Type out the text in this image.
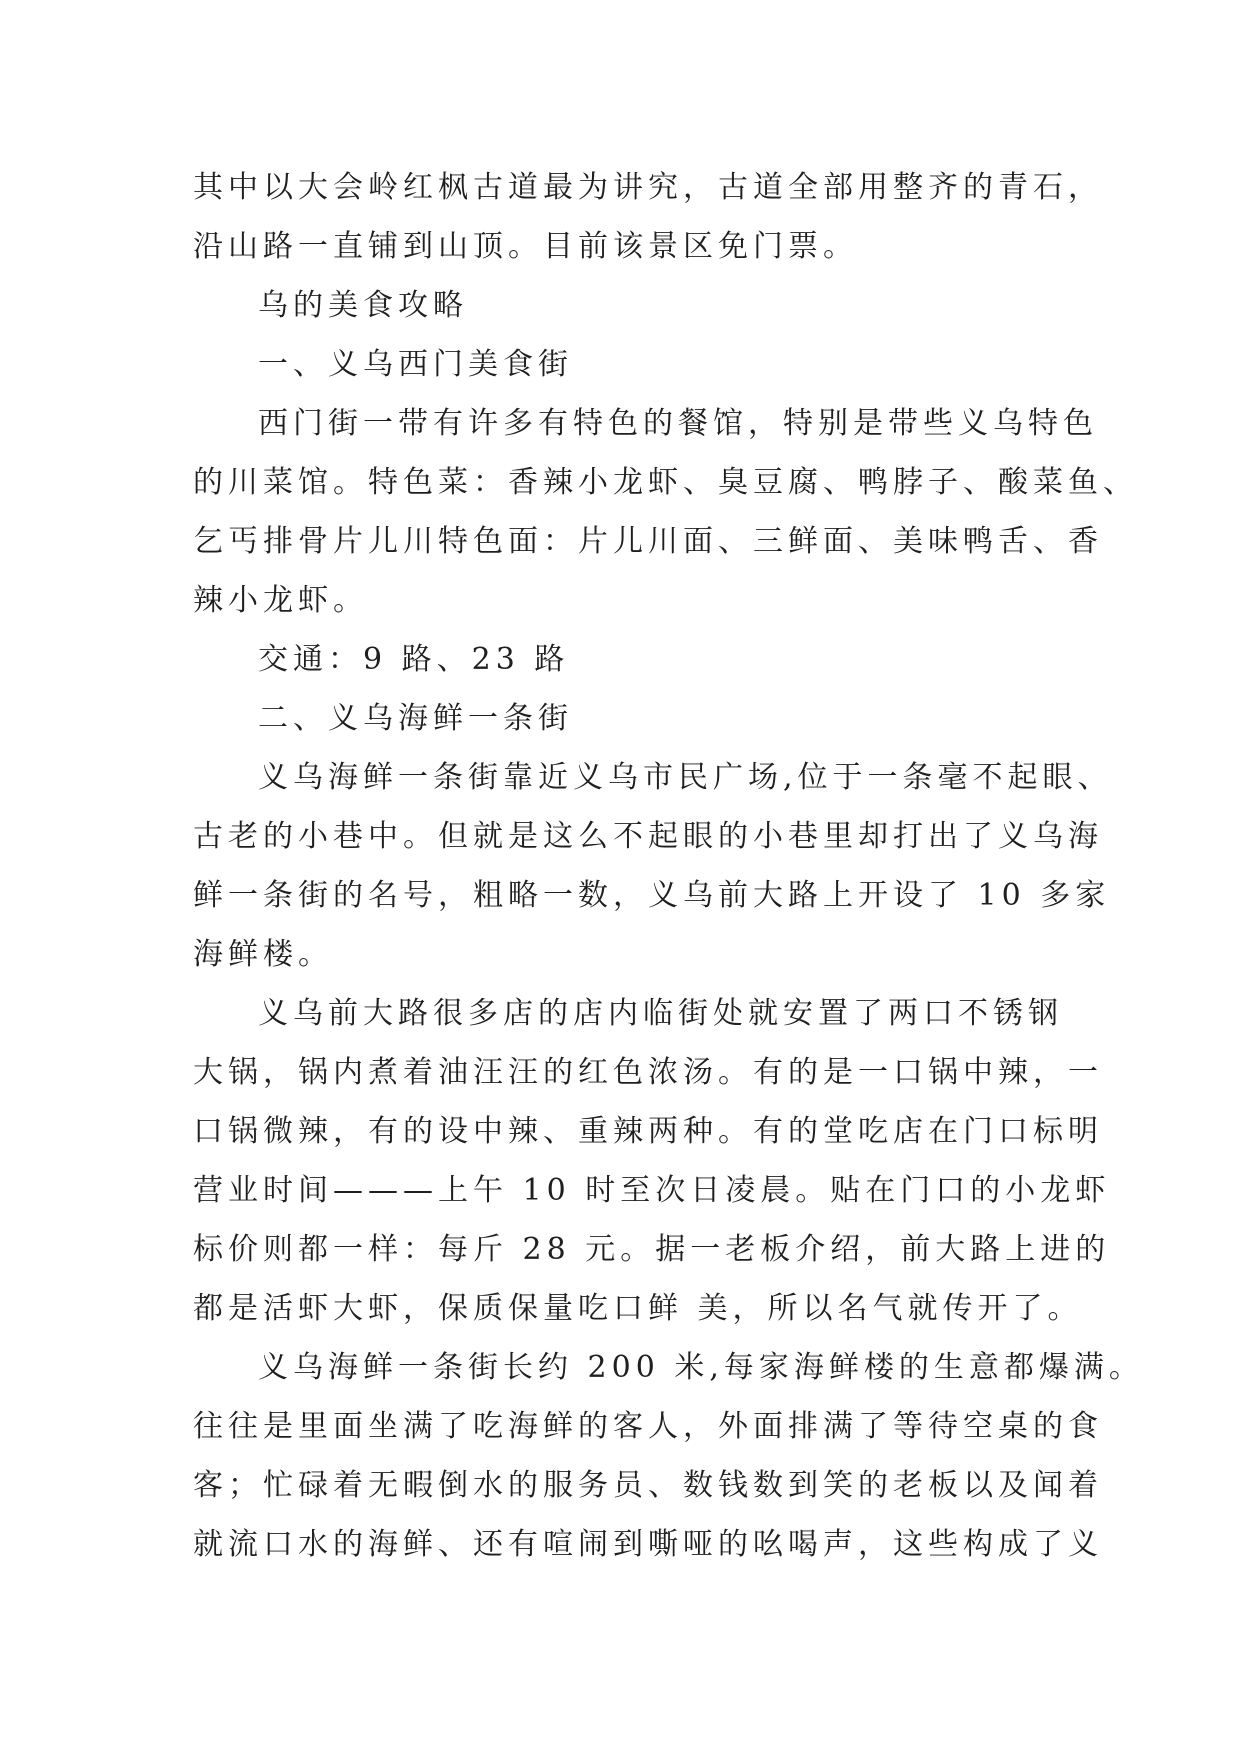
其中以大会岭红枫古道最为讲究，古道全部用整齐的青石，
沿山路一直铺到山顶。目前该景区免门票。
乌的美食攻略
一、义乌西门美食街
西门街一带有许多有特色的餐馆，特别是带些义乌特色
的川菜馆。特色菜：香辣小龙虾、臭豆腐、鸭脖子、酸菜鱼、
乞丐排骨片儿川特色面：片儿川面、三鲜面、美味鸭舌、香
辣小龙虾。
交通：9 路、23 路
二、义乌海鲜一条街
义乌海鲜一条街靠近义乌市民广场,位于一条毫不起眼、
古老的小巷中。但就是这么不起眼的小巷里却打出了义乌海
鲜一条街的名号，粗略一数，义乌前大路上开设了 10 多家
海鲜楼。
义乌前大路很多店的店内临街处就安置了两口不锈钢
大锅，锅内煮着油汪汪的红色浓汤。有的是一口锅中辣，一
口锅微辣，有的设中辣、重辣两种。有的堂吃店在门口标明
营业时间———上午 10 时至次日凌晨。贴在门口的小龙虾
标价则都一样：每斤 28 元。据一老板介绍，前大路上进的
都是活虾大虾，保质保量吃口鲜 美，所以名气就传开了。
义乌海鲜一条街长约 200 米,每家海鲜楼的生意都爆满。
往往是里面坐满了吃海鲜的客人，外面排满了等待空桌的食
客；忙碌着无暇倒水的服务员、数钱数到笑的老板以及闻着
就流口水的海鲜、还有喧闹到嘶哑的吆喝声，这些构成了义
